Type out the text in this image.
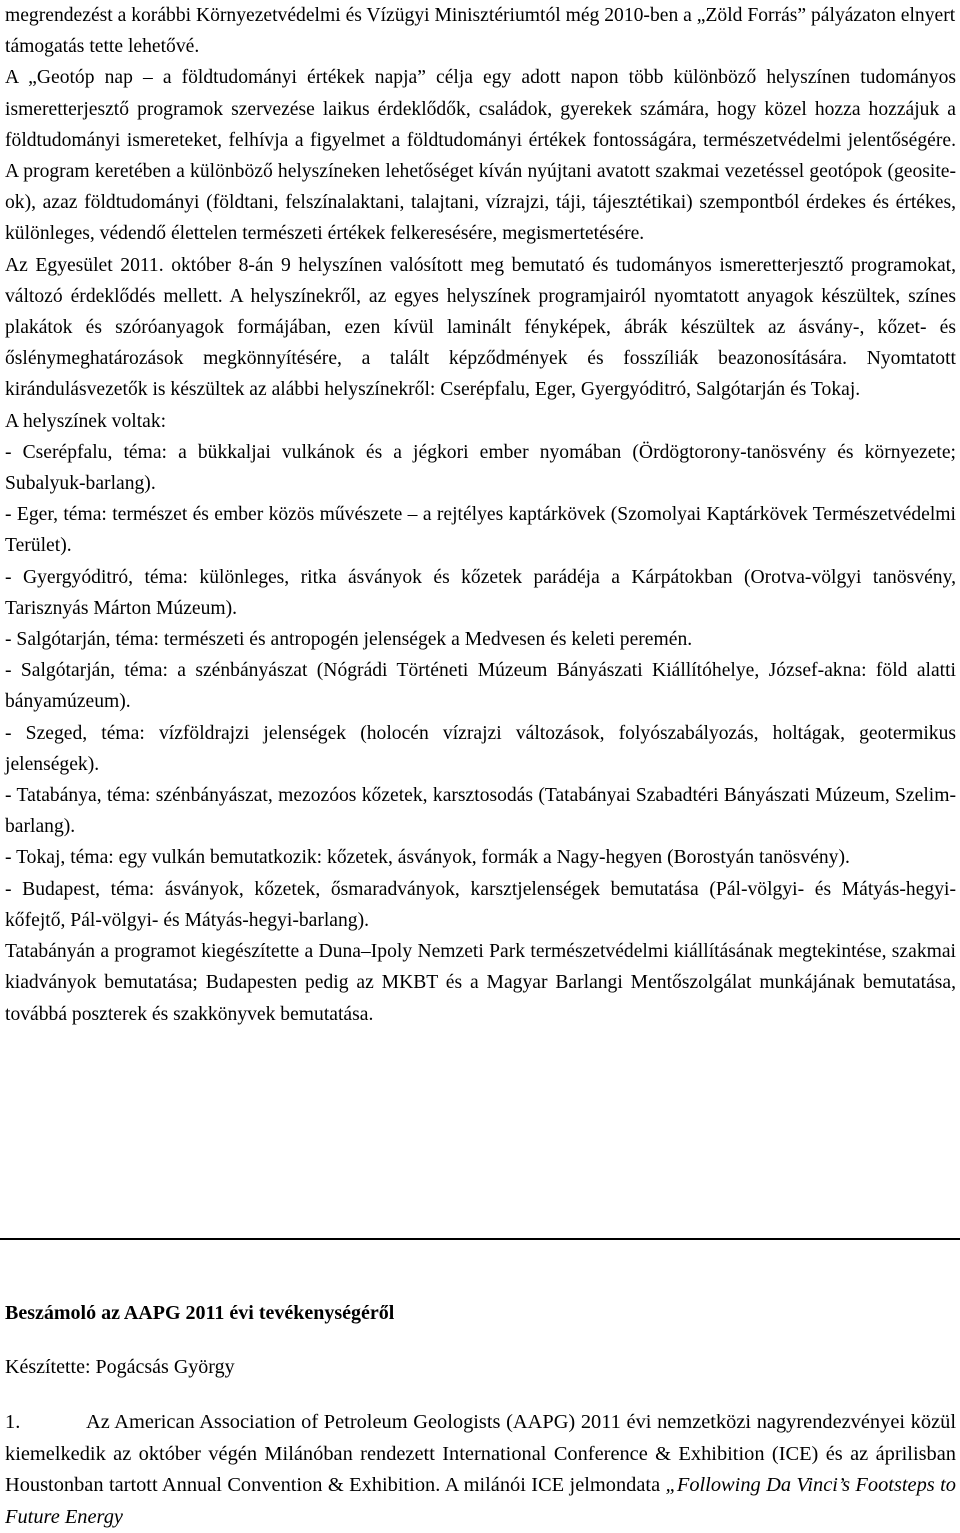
megrendezést a korábbi Környezetvédelmi és Vízügyi Minisztériumtól még 2010-ben a „Zöld Forrás” pályázaton elnyert támogatás tette lehetővé.

A „Geotóp nap – a földtudományi értékek napja” célja egy adott napon több különböző helyszínen tudományos ismeretterjesztő programok szervezése laikus érdeklődők, családok, gyerekek számára, hogy közel hozza hozzájuk a földtudományi ismereteket, felhívja a figyelmet a földtudományi értékek fontosságára, természetvédelmi jelentőségére. A program keretében a különböző helyszíneken lehetőséget kíván nyújtani avatott szakmai vezetéssel geotópok (geosite-ok), azaz földtudományi (földtani, felszínalaktani, talajtani, vízrajzi, táji, tájesztétikai) szempontból érdekes és értékes, különleges, védendő élettelen természeti értékek felkeresésére, megismertetésére.

Az Egyesület 2011. október 8-án 9 helyszínen valósított meg bemutató és tudományos ismeretterjesztő programokat, változó érdeklődés mellett. A helyszínekről, az egyes helyszínek programjairól nyomtatott anyagok készültek, színes plakátok és szóróanyagok formájában, ezen kívül laminált fényképek, ábrák készültek az ásvány-, kőzet- és őslénymeghatározások megkönnyítésére, a talált képződmények és fosszíliák beazonosítására. Nyomtatott kirándulásvezetők is készültek az alábbi helyszínekről: Cserépfalu, Eger, Gyergyóditró, Salgótarján és Tokaj.

A helyszínek voltak:

- Cserépfalu, téma: a bükkaljai vulkánok és a jégkori ember nyomában (Ördögtorony-tanösvény és környezete; Subalyuk-barlang).

- Eger, téma: természet és ember közös művészete – a rejtélyes kaptárkövek (Szomolyai Kaptárkövek Természetvédelmi Terület).

- Gyergyóditró, téma: különleges, ritka ásványok és kőzetek parádéja a Kárpátokban (Orotva-völgyi tanösvény, Tarisznyás Márton Múzeum).

- Salgótarján, téma: természeti és antropogén jelenségek a Medvesen és keleti peremén.

- Salgótarján, téma: a szénbányászat (Nógrádi Történeti Múzeum Bányászati Kiállítóhelye, József-akna: föld alatti bányamúzeum).

- Szeged, téma: vízföldrajzi jelenségek (holocén vízrajzi változások, folyószabályozás, holtágak, geotermikus jelenségek).

- Tatabánya, téma: szénbányászat, mezozóos kőzetek, karsztosodás (Tatabányai Szabadtéri Bányászati Múzeum, Szelim-barlang).

- Tokaj, téma: egy vulkán bemutatkozik: kőzetek, ásványok, formák a Nagy-hegyen (Borostyán tanösvény).

- Budapest, téma: ásványok, kőzetek, ősmaradványok, karsztjelenségek bemutatása (Pál-völgyi- és Mátyás-hegyi-kőfejtő, Pál-völgyi- és Mátyás-hegyi-barlang).

Tatabányán a programot kiegészítette a Duna–Ipoly Nemzeti Park természetvédelmi kiállításának megtekintése, szakmai kiadványok bemutatása; Budapesten pedig az MKBT és a Magyar Barlangi Mentőszolgálat munkájának bemutatása, továbbá poszterek és szakkönyvek bemutatása.

Beszámoló az AAPG 2011 évi tevékenységéről
Készítette: Pogácsás György
1.	Az American Association of Petroleum Geologists (AAPG) 2011 évi nemzetközi nagyrendezvényei közül kiemelkedik az október végén Milánóban rendezett International Conference & Exhibition (ICE) és az áprilisban Houstonban tartott Annual Convention & Exhibition. A milánói ICE jelmondata „Following Da Vinci’s Footsteps to Future Energy
